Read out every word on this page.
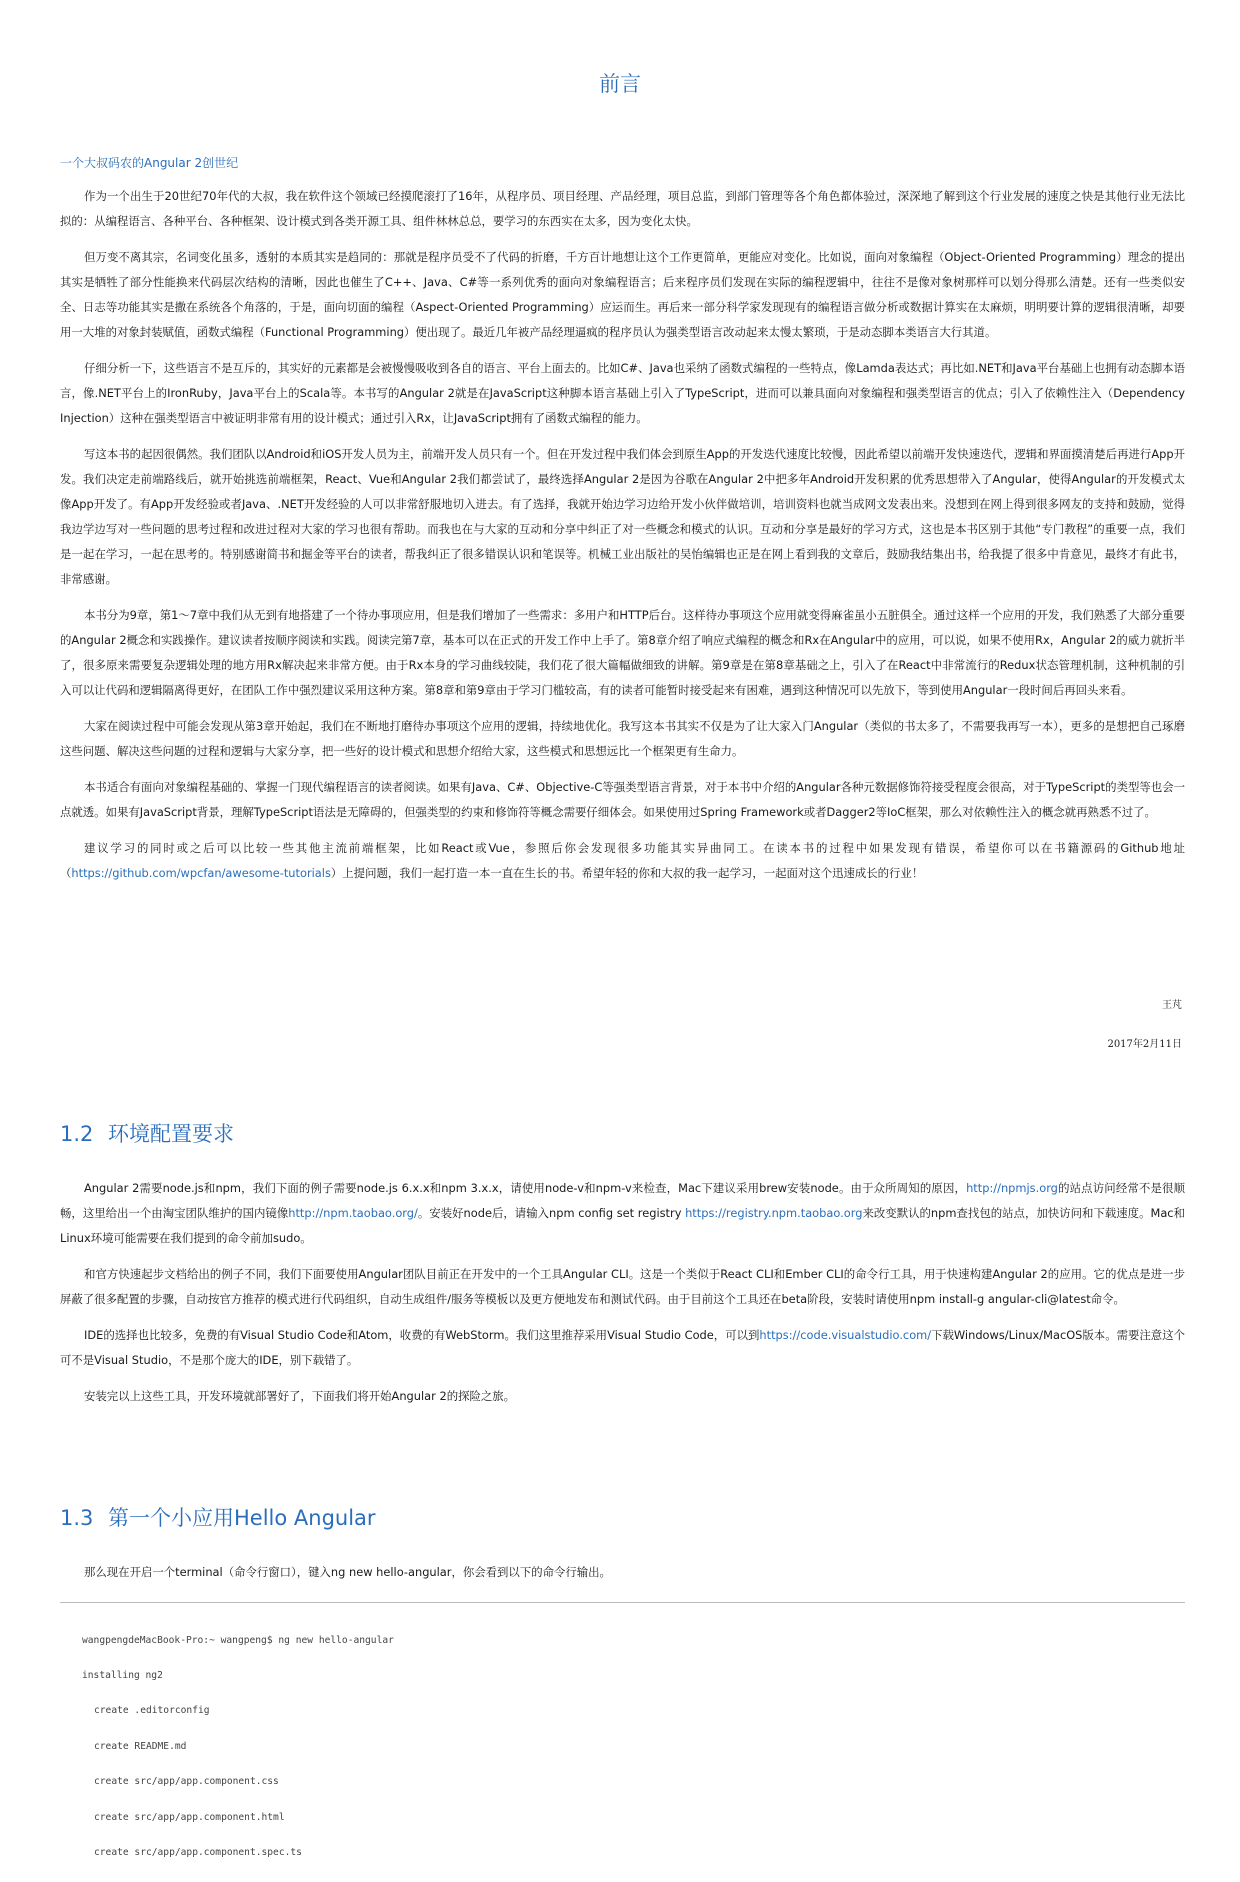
前言
一个大叔码农的Angular 2创世纪

作为一个出生于20世纪70年代的大叔，我在软件这个领域已经摸爬滚打了16年，从程序员、项目经理、产品经理，项目总监，到部门管理等各个角色都体验过，深深地了解到这个行业发展的速度之快是其他行业无法比拟的：从编程语言、各种平台、各种框架、设计模式到各类开源工具、组件林林总总，要学习的东西实在太多，因为变化太快。

但万变不离其宗，名词变化虽多，透射的本质其实是趋同的：那就是程序员受不了代码的折磨，千方百计地想让这个工作更简单，更能应对变化。比如说，面向对象编程（Object-Oriented Programming）理念的提出其实是牺牲了部分性能换来代码层次结构的清晰，因此也催生了C++、Java、C#等一系列优秀的面向对象编程语言；后来程序员们发现在实际的编程逻辑中，往往不是像对象树那样可以划分得那么清楚。还有一些类似安全、日志等功能其实是撒在系统各个角落的，于是，面向切面的编程（Aspect-Oriented Programming）应运而生。再后来一部分科学家发现现有的编程语言做分析或数据计算实在太麻烦，明明要计算的逻辑很清晰，却要用一大堆的对象封装赋值，函数式编程（Functional Programming）便出现了。最近几年被产品经理逼疯的程序员认为强类型语言改动起来太慢太繁琐，于是动态脚本类语言大行其道。

仔细分析一下，这些语言不是互斥的，其实好的元素都是会被慢慢吸收到各自的语言、平台上面去的。比如C#、Java也采纳了函数式编程的一些特点，像Lamda表达式；再比如.NET和Java平台基础上也拥有动态脚本语言，像.NET平台上的IronRuby，Java平台上的Scala等。本书写的Angular 2就是在JavaScript这种脚本语言基础上引入了TypeScript，进而可以兼具面向对象编程和强类型语言的优点；引入了依赖性注入（Dependency Injection）这种在强类型语言中被证明非常有用的设计模式；通过引入Rx，让JavaScript拥有了函数式编程的能力。

写这本书的起因很偶然。我们团队以Android和iOS开发人员为主，前端开发人员只有一个。但在开发过程中我们体会到原生App的开发迭代速度比较慢，因此希望以前端开发快速迭代，逻辑和界面摸清楚后再进行App开发。我们决定走前端路线后，就开始挑选前端框架，React、Vue和Angular 2我们都尝试了，最终选择Angular 2是因为谷歌在Angular 2中把多年Android开发积累的优秀思想带入了Angular，使得Angular的开发模式太像App开发了。有App开发经验或者Java、.NET开发经验的人可以非常舒服地切入进去。有了选择，我就开始边学习边给开发小伙伴做培训，培训资料也就当成网文发表出来。没想到在网上得到很多网友的支持和鼓励，觉得我边学边写对一些问题的思考过程和改进过程对大家的学习也很有帮助。而我也在与大家的互动和分享中纠正了对一些概念和模式的认识。互动和分享是最好的学习方式，这也是本书区别于其他“专门教程”的重要一点，我们是一起在学习，一起在思考的。特别感谢简书和掘金等平台的读者，帮我纠正了很多错误认识和笔误等。机械工业出版社的吴怡编辑也正是在网上看到我的文章后，鼓励我结集出书，给我提了很多中肯意见，最终才有此书，非常感谢。

本书分为9章，第1～7章中我们从无到有地搭建了一个待办事项应用，但是我们增加了一些需求：多用户和HTTP后台。这样待办事项这个应用就变得麻雀虽小五脏俱全。通过这样一个应用的开发，我们熟悉了大部分重要的Angular 2概念和实践操作。建议读者按顺序阅读和实践。阅读完第7章，基本可以在正式的开发工作中上手了。第8章介绍了响应式编程的概念和Rx在Angular中的应用，可以说，如果不使用Rx，Angular 2的威力就折半了，很多原来需要复杂逻辑处理的地方用Rx解决起来非常方便。由于Rx本身的学习曲线较陡，我们花了很大篇幅做细致的讲解。第9章是在第8章基础之上，引入了在React中非常流行的Redux状态管理机制，这种机制的引入可以让代码和逻辑隔离得更好，在团队工作中强烈建议采用这种方案。第8章和第9章由于学习门槛较高，有的读者可能暂时接受起来有困难，遇到这种情况可以先放下，等到使用Angular一段时间后再回头来看。

大家在阅读过程中可能会发现从第3章开始起，我们在不断地打磨待办事项这个应用的逻辑，持续地优化。我写这本书其实不仅是为了让大家入门Angular（类似的书太多了，不需要我再写一本），更多的是想把自己琢磨这些问题、解决这些问题的过程和逻辑与大家分享，把一些好的设计模式和思想介绍给大家，这些模式和思想远比一个框架更有生命力。

本书适合有面向对象编程基础的、掌握一门现代编程语言的读者阅读。如果有Java、C#、Objective-C等强类型语言背景，对于本书中介绍的Angular各种元数据修饰符接受程度会很高，对于TypeScript的类型等也会一点就透。如果有JavaScript背景，理解TypeScript语法是无障碍的，但强类型的约束和修饰符等概念需要仔细体会。如果使用过Spring Framework或者Dagger2等IoC框架，那么对依赖性注入的概念就再熟悉不过了。

建议学习的同时或之后可以比较一些其他主流前端框架，比如React或Vue，参照后你会发现很多功能其实异曲同工。在读本书的过程中如果发现有错误，希望你可以在书籍源码的Github地址（https://github.com/wpcfan/awesome-tutorials）上提问题，我们一起打造一本一直在生长的书。希望年轻的你和大叔的我一起学习，一起面对这个迅速成长的行业！

王芃

2017年2月11日

1.2 环境配置要求

Angular 2需要node.js和npm，我们下面的例子需要node.js 6.x.x和npm 3.x.x，请使用node-v和npm-v来检查，Mac下建议采用brew安装node。由于众所周知的原因，http://npmjs.org的站点访问经常不是很顺畅，这里给出一个由淘宝团队维护的国内镜像http://npm.taobao.org/。安装好node后，请输入npm config set registry https://registry.npm.taobao.org来改变默认的npm查找包的站点，加快访问和下载速度。Mac和Linux环境可能需要在我们提到的命令前加sudo。

和官方快速起步文档给出的例子不同，我们下面要使用Angular团队目前正在开发中的一个工具Angular CLI。这是一个类似于React CLI和Ember CLI的命令行工具，用于快速构建Angular 2的应用。它的优点是进一步屏蔽了很多配置的步骤，自动按官方推荐的模式进行代码组织，自动生成组件/服务等模板以及更方便地发布和测试代码。由于目前这个工具还在beta阶段，安装时请使用npm install-g angular-cli@latest命令。

IDE的选择也比较多，免费的有Visual Studio Code和Atom，收费的有WebStorm。我们这里推荐采用Visual Studio Code，可以到https://code.visualstudio.com/下载Windows/Linux/MacOS版本。需要注意这个可不是Visual Studio，不是那个庞大的IDE，别下载错了。

安装完以上这些工具，开发环境就部署好了，下面我们将开始Angular 2的探险之旅。

1.3 第一个小应用Hello Angular

那么现在开启一个terminal（命令行窗口），键入ng new hello-angular，你会看到以下的命令行输出。

wangpengdeMacBook-Pro:~ wangpeng$ ng new hello-angular

installing ng2

create .editorconfig

create README.md

create src/app/app.component.css

create src/app/app.component.html

create src/app/app.component.spec.ts
